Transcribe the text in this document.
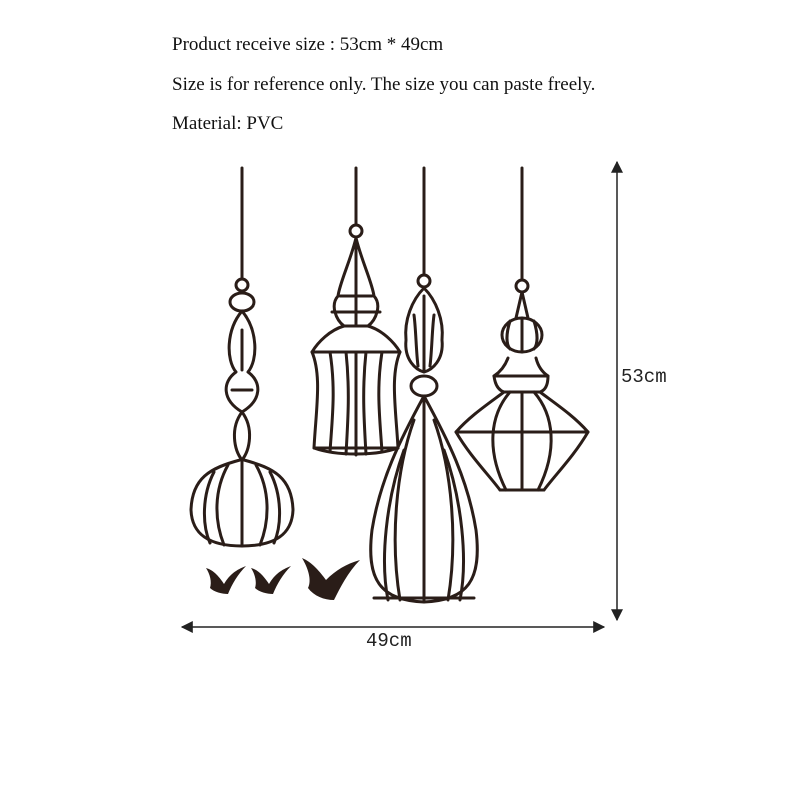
Product receive size : 53cm * 49cm
Size is for reference only. The size you can paste freely.
Material: PVC
53cm
49cm
